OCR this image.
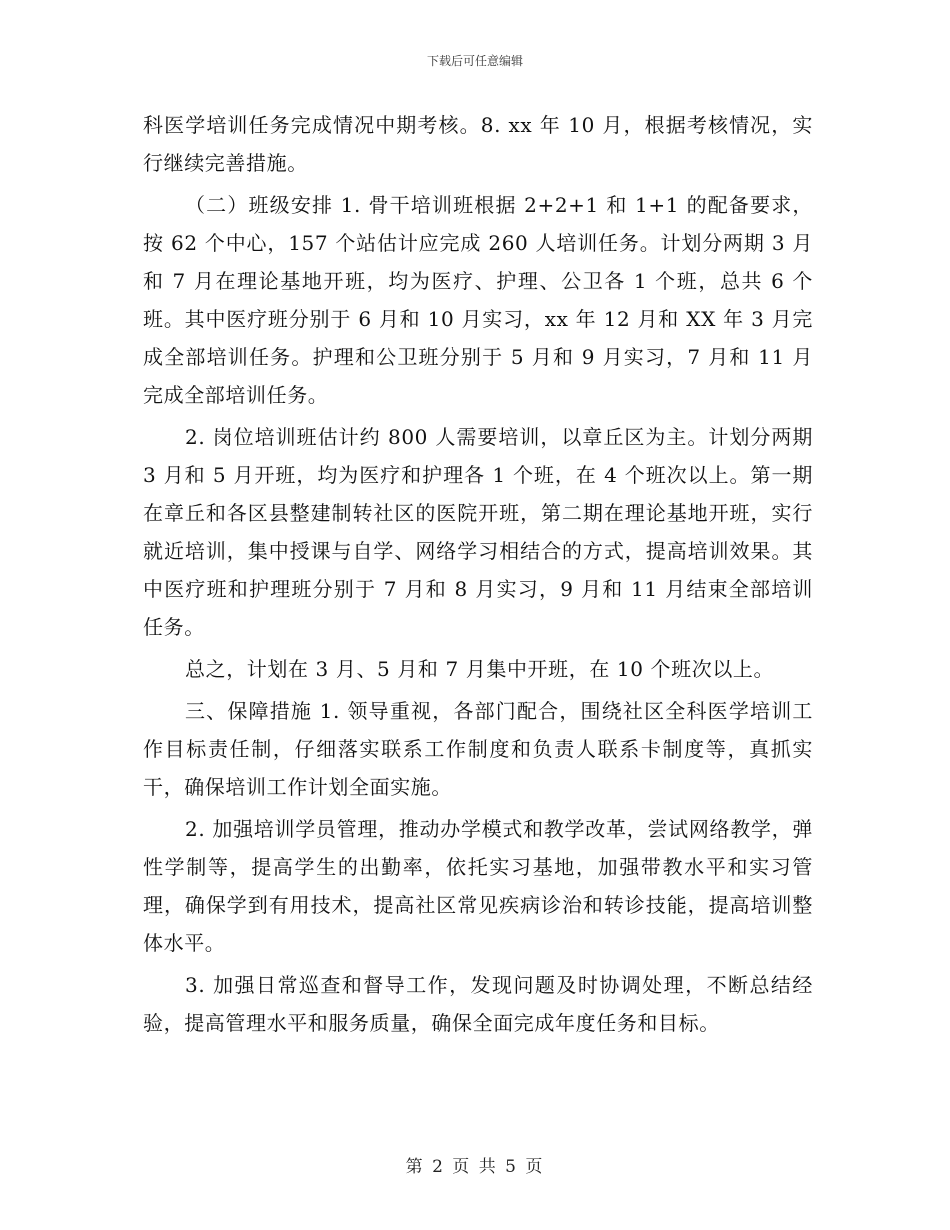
下载后可任意编辑

科医学培训任务完成情况中期考核。8. xx 年 10 月，根据考核情况，实行继续完善措施。

（二）班级安排 1. 骨干培训班根据 2+2+1 和 1+1 的配备要求，按 62 个中心，157 个站估计应完成 260 人培训任务。计划分两期 3 月和 7 月在理论基地开班，均为医疗、护理、公卫各 1 个班，总共 6 个班。其中医疗班分别于 6 月和 10 月实习，xx 年 12 月和 XX 年 3 月完成全部培训任务。护理和公卫班分别于 5 月和 9 月实习，7 月和 11 月完成全部培训任务。

2. 岗位培训班估计约 800 人需要培训，以章丘区为主。计划分两期 3 月和 5 月开班，均为医疗和护理各 1 个班，在 4 个班次以上。第一期在章丘和各区县整建制转社区的医院开班，第二期在理论基地开班，实行就近培训，集中授课与自学、网络学习相结合的方式，提高培训效果。其中医疗班和护理班分别于 7 月和 8 月实习，9 月和 11 月结束全部培训任务。

总之，计划在 3 月、5 月和 7 月集中开班，在 10 个班次以上。

三、保障措施 1. 领导重视，各部门配合，围绕社区全科医学培训工作目标责任制，仔细落实联系工作制度和负责人联系卡制度等，真抓实干，确保培训工作计划全面实施。

2. 加强培训学员管理，推动办学模式和教学改革，尝试网络教学，弹性学制等，提高学生的出勤率，依托实习基地，加强带教水平和实习管理，确保学到有用技术，提高社区常见疾病诊治和转诊技能，提高培训整体水平。

3. 加强日常巡查和督导工作，发现问题及时协调处理，不断总结经验，提高管理水平和服务质量，确保全面完成年度任务和目标。

第 2 页 共 5 页
